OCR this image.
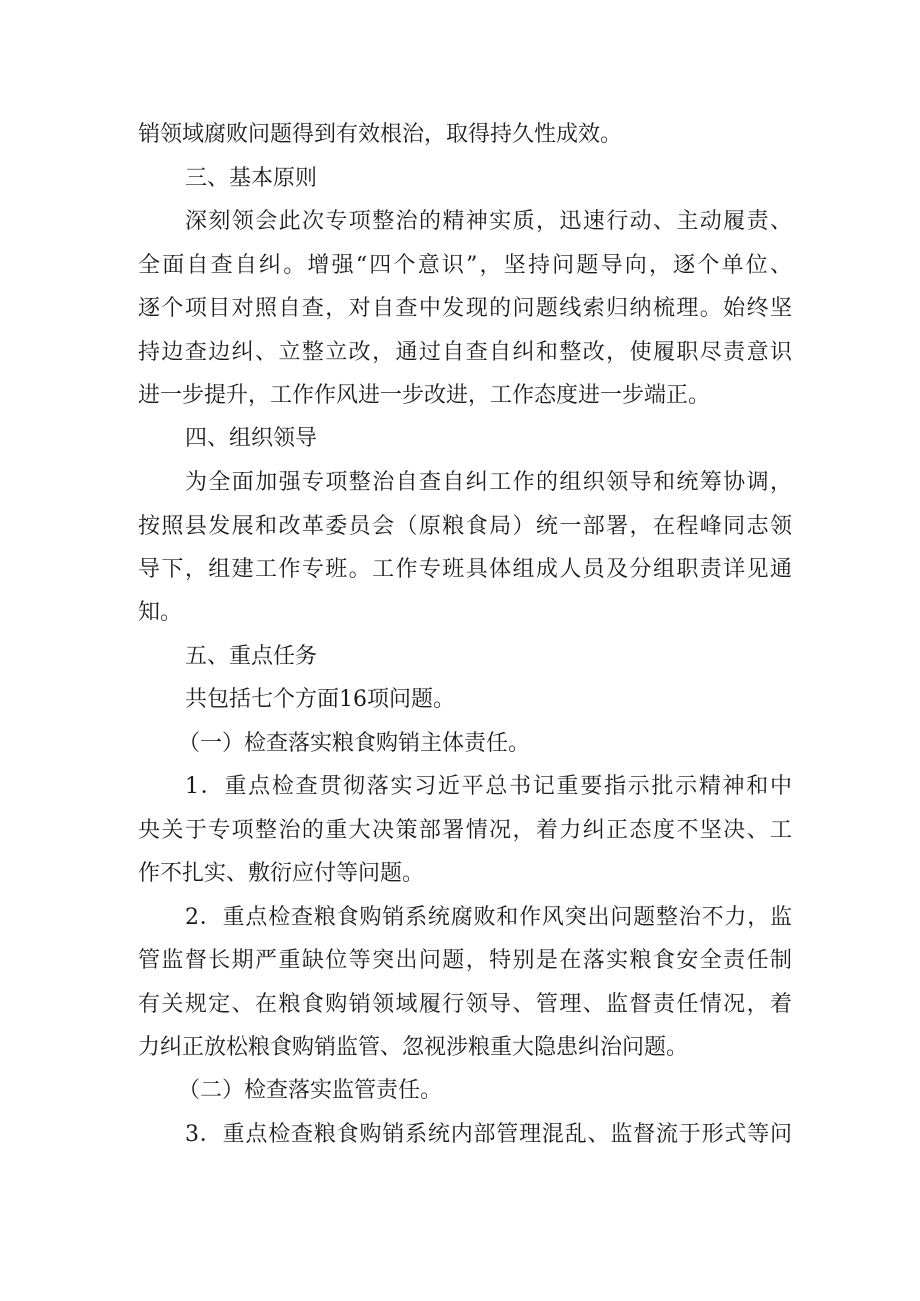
销领域腐败问题得到有效根治，取得持久性成效。
三、基本原则
深刻领会此次专项整治的精神实质，迅速行动、主动履责、
全面自查自纠。增强“四个意识”，坚持问题导向，逐个单位、
逐个项目对照自查，对自查中发现的问题线索归纳梳理。始终坚
持边查边纠、立整立改，通过自查自纠和整改，使履职尽责意识
进一步提升，工作作风进一步改进，工作态度进一步端正。
四、组织领导
为全面加强专项整治自查自纠工作的组织领导和统筹协调，
按照县发展和改革委员会（原粮食局）统一部署，在程峰同志领
导下，组建工作专班。工作专班具体组成人员及分组职责详见通
知。
五、重点任务
共包括七个方面16项问题。
（一）检查落实粮食购销主体责任。
1．重点检查贯彻落实习近平总书记重要指示批示精神和中
央关于专项整治的重大决策部署情况，着力纠正态度不坚决、工
作不扎实、敷衍应付等问题。
2．重点检查粮食购销系统腐败和作风突出问题整治不力，监
管监督长期严重缺位等突出问题，特别是在落实粮食安全责任制
有关规定、在粮食购销领域履行领导、管理、监督责任情况，着
力纠正放松粮食购销监管、忽视涉粮重大隐患纠治问题。
（二）检查落实监管责任。
3．重点检查粮食购销系统内部管理混乱、监督流于形式等问
